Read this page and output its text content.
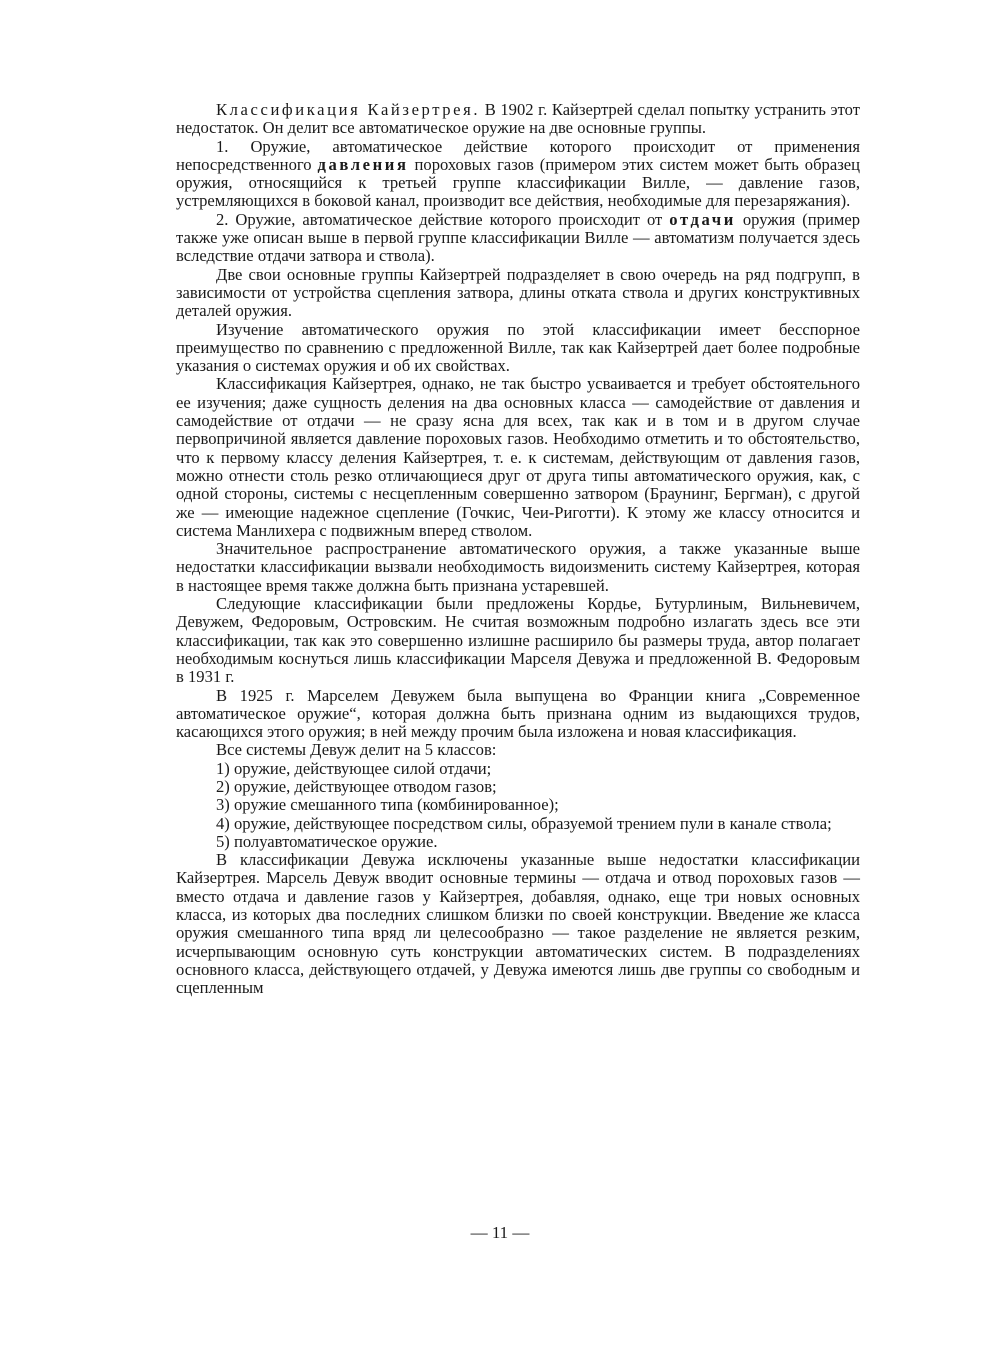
Классификация Кайзертрея. В 1902 г. Кайзертрей сделал попытку устранить этот недостаток. Он делит все автоматическое оружие на две основные группы.

1. Оружие, автоматическое действие которого происходит от применения непосредственного давления пороховых газов (примером этих систем может быть образец оружия, относящийся к третьей группе классификации Вилле, — давление газов, устремляющихся в боковой канал, производит все действия, необходимые для перезаряжания).

2. Оружие, автоматическое действие которого происходит от отдачи оружия (пример также уже описан выше в первой группе классификации Вилле — автоматизм получается здесь вследствие отдачи затвора и ствола).

Две свои основные группы Кайзертрей подразделяет в свою очередь на ряд подгрупп, в зависимости от устройства сцепления затвора, длины отката ствола и других конструктивных деталей оружия.

Изучение автоматического оружия по этой классификации имеет бесспорное преимущество по сравнению с предложенной Вилле, так как Кайзертрей дает более подробные указания о системах оружия и об их свойствах.

Классификация Кайзертрея, однако, не так быстро усваивается и требует обстоятельного ее изучения; даже сущность деления на два основных класса — самодействие от давления и самодействие от отдачи — не сразу ясна для всех, так как и в том и в другом случае первопричиной является давление пороховых газов. Необходимо отметить и то обстоятельство, что к первому классу деления Кайзертрея, т. е. к системам, действующим от давления газов, можно отнести столь резко отличающиеся друг от друга типы автоматического оружия, как, с одной стороны, системы с несцепленным совершенно затвором (Браунинг, Бергман), с другой же — имеющие надежное сцепление (Гочкис, Чеи-Риготти). К этому же классу относится и система Манлихера с подвижным вперед стволом.

Значительное распространение автоматического оружия, а также указанные выше недостатки классификации вызвали необходимость видоизменить систему Кайзертрея, которая в настоящее время также должна быть признана устаревшей.

Следующие классификации были предложены Кордье, Бутурлиным, Вильневичем, Девужем, Федоровым, Островским. Не считая возможным подробно излагать здесь все эти классификации, так как это совершенно излишне расширило бы размеры труда, автор полагает необходимым коснуться лишь классификации Марселя Девужа и предложенной В. Федоровым в 1931 г.

В 1925 г. Марселем Девужем была выпущена во Франции книга „Современное автоматическое оружие“, которая должна быть признана одним из выдающихся трудов, касающихся этого оружия; в ней между прочим была изложена и новая классификация.

Все системы Девуж делит на 5 классов:

1) оружие, действующее силой отдачи;

2) оружие, действующее отводом газов;

3) оружие смешанного типа (комбинированное);

4) оружие, действующее посредством силы, образуемой трением пули в канале ствола;

5) полуавтоматическое оружие.

В классификации Девужа исключены указанные выше недостатки классификации Кайзертрея. Марсель Девуж вводит основные термины — отдача и отвод пороховых газов — вместо отдача и давление газов у Кайзертрея, добавляя, однако, еще три новых основных класса, из которых два последних слишком близки по своей конструкции. Введение же класса оружия смешанного типа вряд ли целесообразно — такое разделение не является резким, исчерпывающим основную суть конструкции автоматических систем. В подразделениях основного класса, действующего отдачей, у Девужа имеются лишь две группы со свободным и сцепленным

— 11 —
